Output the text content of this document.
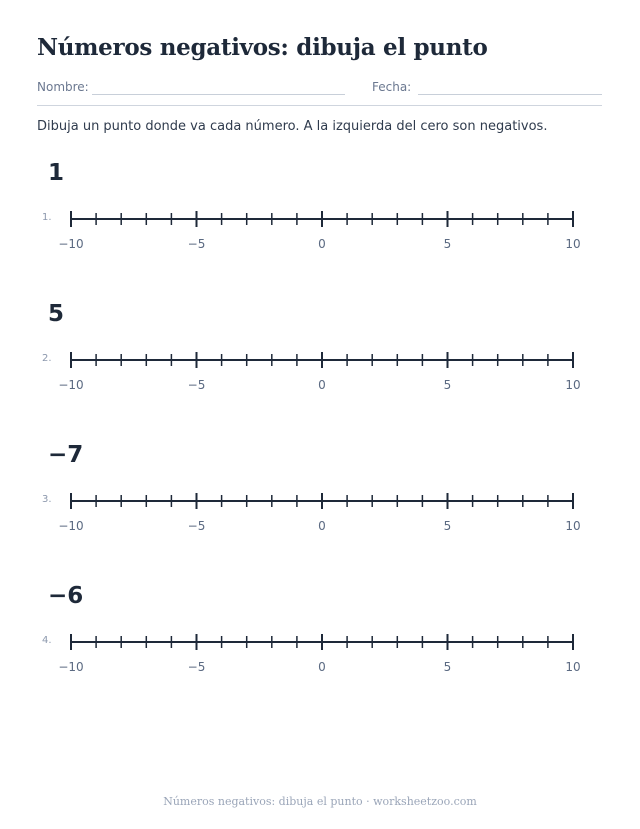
Números negativos: dibuja el punto
Nombre:	Fecha:

Dibuja un punto donde va cada número. A la izquierda del cero son negativos.

1
1.
−10	−5	0	5	10
5
2.
−10	−5	0	5	10
−7
3.
−10	−5	0	5	10
−6
4.
−10	−5	0	5	10
Números negativos: dibuja el punto · worksheetzoo.com
